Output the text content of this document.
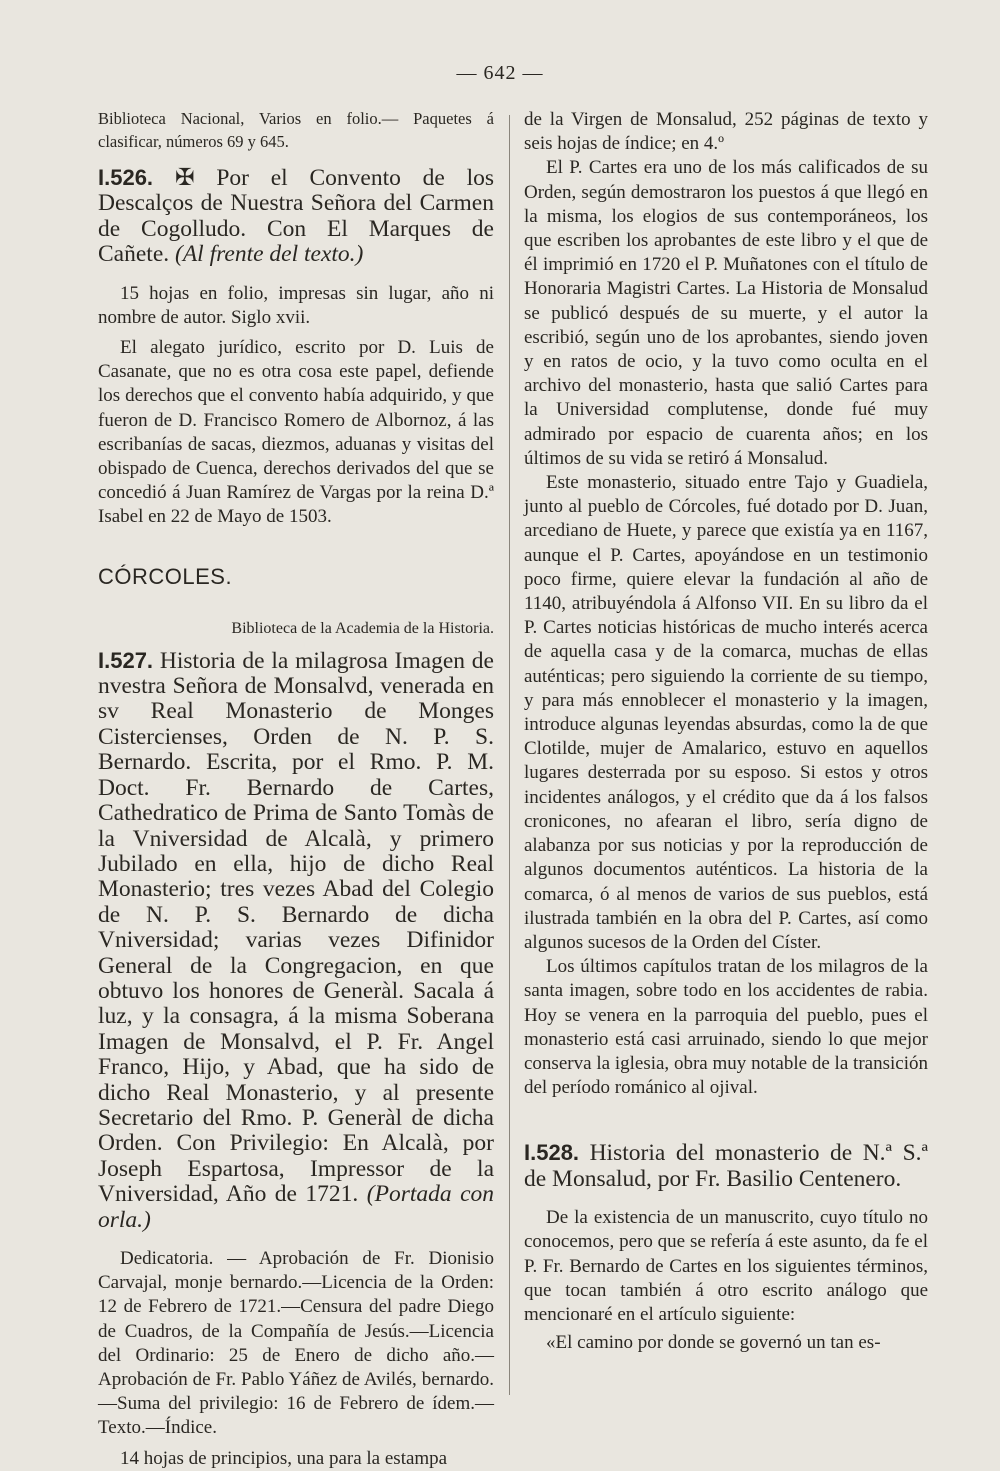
— 642 —

Biblioteca Nacional, Varios en folio.— Paquetes á clasificar, números 69 y 645.

I.526. ✠ Por el Convento de los Descalços de Nuestra Señora del Carmen de Cogolludo. Con El Marques de Cañete. (Al frente del texto.)

15 hojas en folio, impresas sin lugar, año ni nombre de autor. Siglo xvii.

El alegato jurídico, escrito por D. Luis de Casanate, que no es otra cosa este papel, defiende los derechos que el convento había adquirido, y que fueron de D. Francisco Romero de Albornoz, á las escribanías de sacas, diezmos, aduanas y visitas del obispado de Cuenca, derechos derivados del que se concedió á Juan Ramírez de Vargas por la reina D.ª Isabel en 22 de Mayo de 1503.

CÓRCOLES.
Biblioteca de la Academia de la Historia.

I.527. Historia de la milagrosa Imagen de nvestra Señora de Monsalvd, venerada en sv Real Monasterio de Monges Cistercienses, Orden de N. P. S. Bernardo. Escrita, por el Rmo. P. M. Doct. Fr. Bernardo de Cartes, Cathedratico de Prima de Santo Tomàs de la Vniversidad de Alcalà, y primero Jubilado en ella, hijo de dicho Real Monasterio; tres vezes Abad del Colegio de N. P. S. Bernardo de dicha Vniversidad; varias vezes Difinidor General de la Congregacion, en que obtuvo los honores de Generàl. Sacala á luz, y la consagra, á la misma Soberana Imagen de Monsalvd, el P. Fr. Angel Franco, Hijo, y Abad, que ha sido de dicho Real Monasterio, y al presente Secretario del Rmo. P. Generàl de dicha Orden. Con Privilegio: En Alcalà, por Joseph Espartosa, Impressor de la Vniversidad, Año de 1721. (Portada con orla.)

Dedicatoria. — Aprobación de Fr. Dionisio Carvajal, monje bernardo.—Licencia de la Orden: 12 de Febrero de 1721.—Censura del padre Diego de Cuadros, de la Compañía de Jesús.—Licencia del Ordinario: 25 de Enero de dicho año.—Aprobación de Fr. Pablo Yáñez de Avilés, bernardo.—Suma del privilegio: 16 de Febrero de ídem.—Texto.—Índice.

14 hojas de principios, una para la estampa

de la Virgen de Monsalud, 252 páginas de texto y seis hojas de índice; en 4.º

El P. Cartes era uno de los más calificados de su Orden, según demostraron los puestos á que llegó en la misma, los elogios de sus contemporáneos, los que escriben los aprobantes de este libro y el que de él imprimió en 1720 el P. Muñatones con el título de Honoraria Magistri Cartes. La Historia de Monsalud se publicó después de su muerte, y el autor la escribió, según uno de los aprobantes, siendo joven y en ratos de ocio, y la tuvo como oculta en el archivo del monasterio, hasta que salió Cartes para la Universidad complutense, donde fué muy admirado por espacio de cuarenta años; en los últimos de su vida se retiró á Monsalud.

Este monasterio, situado entre Tajo y Guadiela, junto al pueblo de Córcoles, fué dotado por D. Juan, arcediano de Huete, y parece que existía ya en 1167, aunque el P. Cartes, apoyándose en un testimonio poco firme, quiere elevar la fundación al año de 1140, atribuyéndola á Alfonso VII. En su libro da el P. Cartes noticias históricas de mucho interés acerca de aquella casa y de la comarca, muchas de ellas auténticas; pero siguiendo la corriente de su tiempo, y para más ennoblecer el monasterio y la imagen, introduce algunas leyendas absurdas, como la de que Clotilde, mujer de Amalarico, estuvo en aquellos lugares desterrada por su esposo. Si estos y otros incidentes análogos, y el crédito que da á los falsos cronicones, no afearan el libro, sería digno de alabanza por sus noticias y por la reproducción de algunos documentos auténticos. La historia de la comarca, ó al menos de varios de sus pueblos, está ilustrada también en la obra del P. Cartes, así como algunos sucesos de la Orden del Císter.

Los últimos capítulos tratan de los milagros de la santa imagen, sobre todo en los accidentes de rabia. Hoy se venera en la parroquia del pueblo, pues el monasterio está casi arruinado, siendo lo que mejor conserva la iglesia, obra muy notable de la transición del período románico al ojival.

I.528. Historia del monasterio de N.ª S.ª de Monsalud, por Fr. Basilio Centenero.

De la existencia de un manuscrito, cuyo título no conocemos, pero que se refería á este asunto, da fe el P. Fr. Bernardo de Cartes en los siguientes términos, que tocan también á otro escrito análogo que mencionaré en el artículo siguiente:

«El camino por donde se governó un tan es-
